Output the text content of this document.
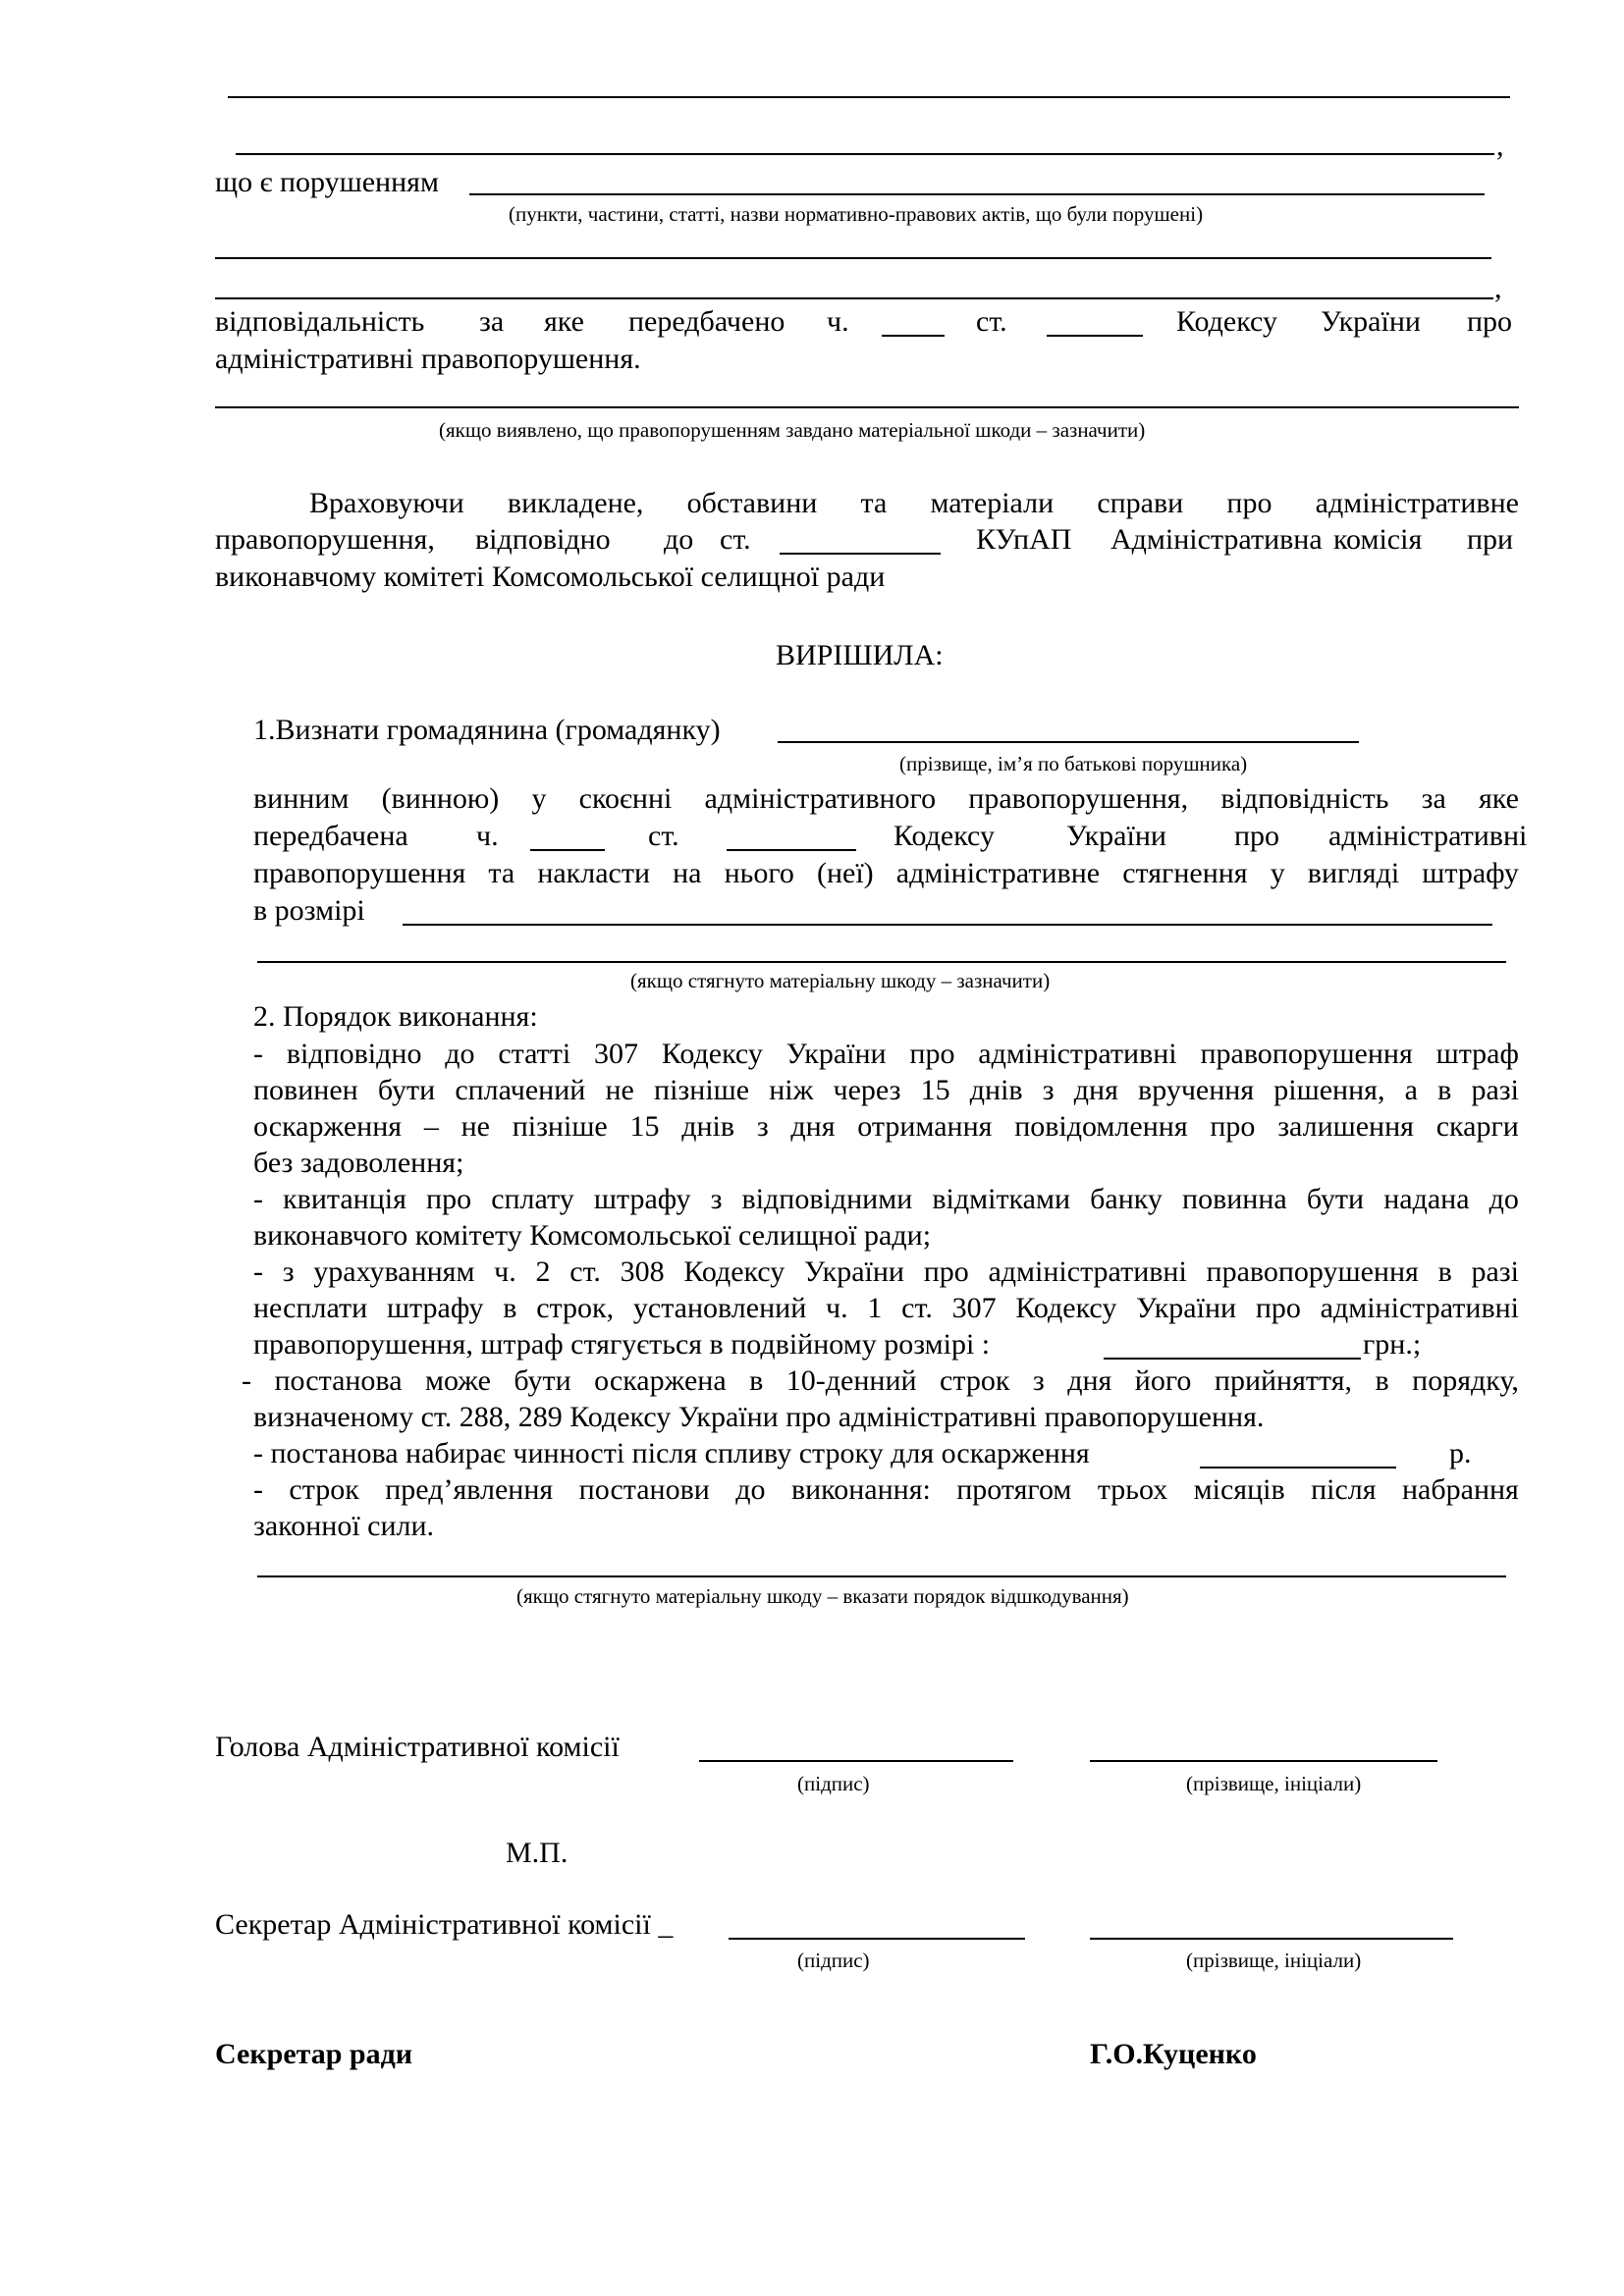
,
що є порушенням
(пункти, частини, статті, назви нормативно-правових актів, що були порушені)
,
відповідальність за яке передбачено ч.	ст.	Кодексу України про
адміністративні правопорушення.
(якщо виявлено, що правопорушенням завдано матеріальної шкоди – зазначити)
Враховуючи викладене, обставини та матеріали справи про адміністративне
правопорушення, відповідно до ст.	КУпАП Адміністративна комісія при
виконавчому комітеті Комсомольської селищної ради
ВИРІШИЛА:
1.Визнати громадянина (громадянку)
(прізвище, ім’я по батькові порушника)
винним (винною) у скоєнні адміністративного правопорушення, відповідність за яке
передбачена ч.	ст.	Кодексу України про адміністративні
правопорушення та накласти на нього (неї) адміністративне стягнення у вигляді штрафу
в розмірі
(якщо стягнуто матеріальну шкоду – зазначити)
2. Порядок виконання:
- відповідно до статті 307 Кодексу України про адміністративні правопорушення штраф
повинен бути сплачений не пізніше ніж через 15 днів з дня вручення рішення, а в разі
оскарження – не пізніше 15 днів з дня отримання повідомлення про залишення скарги
без задоволення;
- квитанція про сплату штрафу з відповідними відмітками банку повинна бути надана до
виконавчого комітету Комсомольської селищної ради;
- з урахуванням ч. 2 ст. 308 Кодексу України про адміністративні правопорушення в разі
несплати штрафу в строк, установлений ч. 1 ст. 307 Кодексу України про адміністративні
правопорушення, штраф стягується в подвійному розмірі :	грн.;
- постанова може бути оскаржена в 10-денний строк з дня його прийняття, в порядку,
визначеному ст. 288, 289 Кодексу України про адміністративні правопорушення.
- постанова набирає чинності після спливу строку для оскарження	р.
- строк пред’явлення постанови до виконання: протягом трьох місяців після набрання
законної сили.
(якщо стягнуто матеріальну шкоду – вказати порядок відшкодування)
Голова Адміністративної комісії
(підпис)	(прізвище, ініціали)
М.П.
Секретар Адміністративної комісії _
(підпис)	(прізвище, ініціали)
Секретар ради	Г.О.Куценко
